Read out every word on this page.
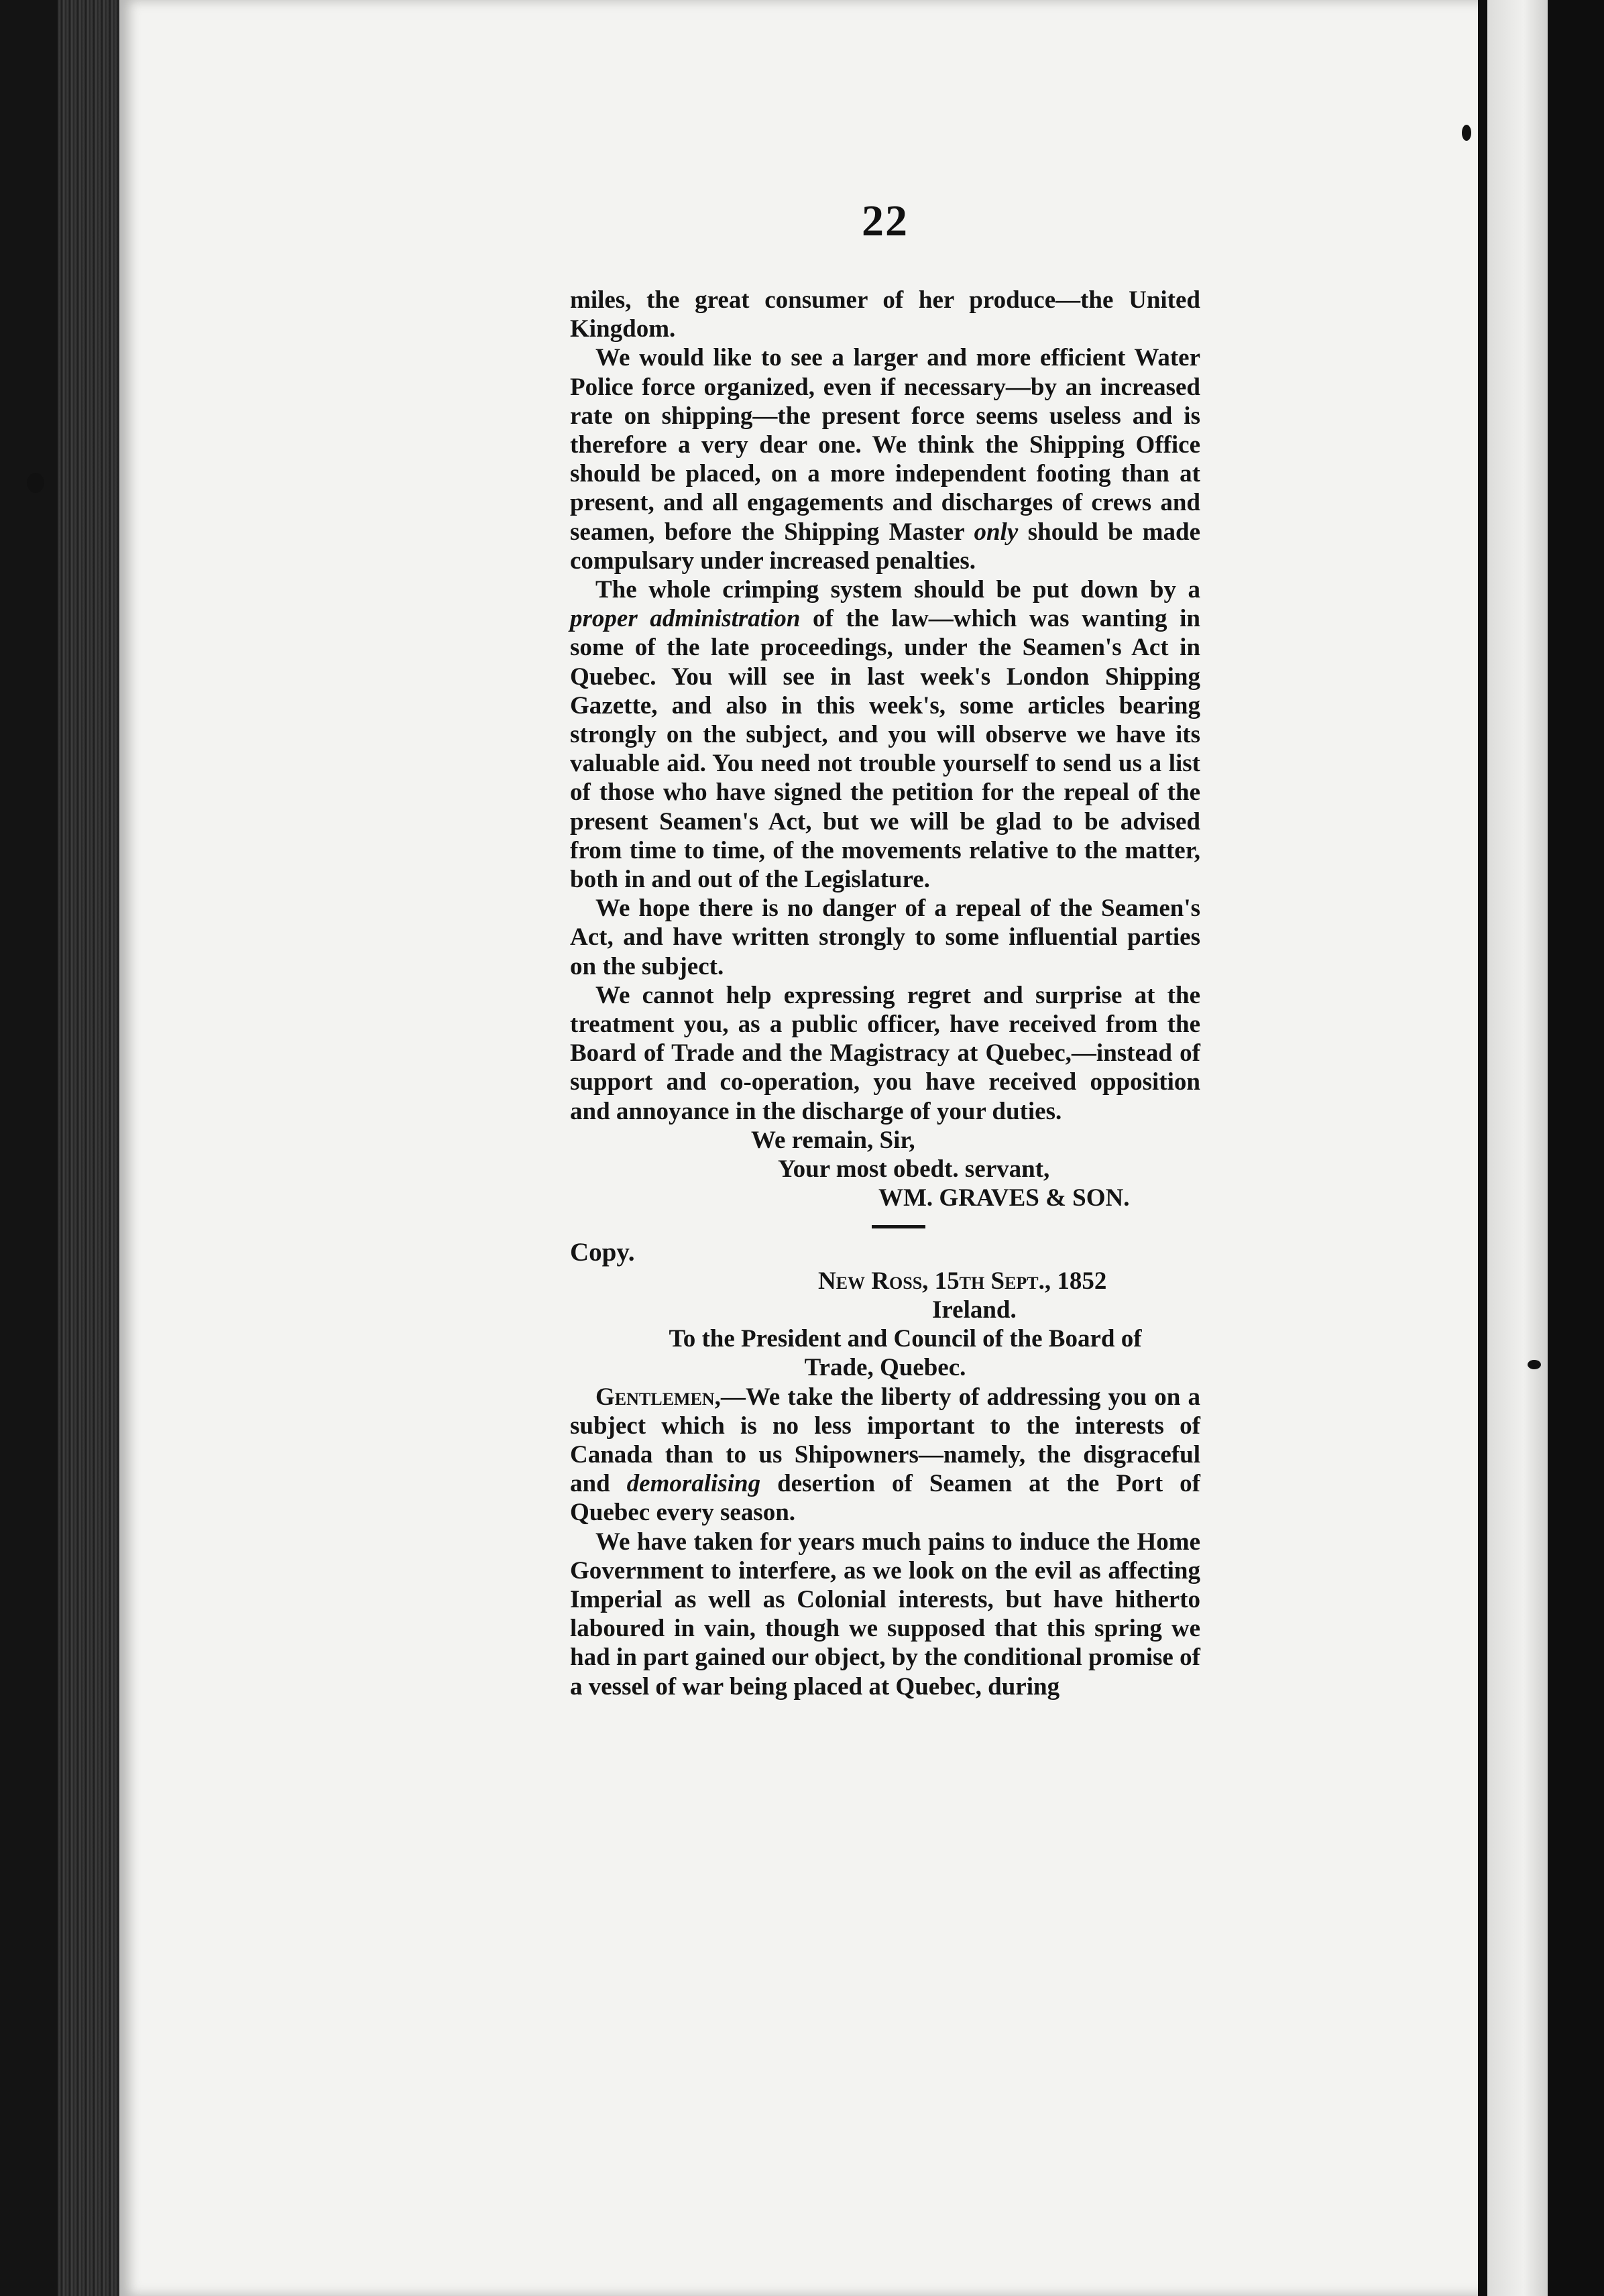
22

miles, the great consumer of her produce—the United Kingdom.

We would like to see a larger and more efficient Water Police force organized, even if necessary—by an increased rate on shipping—the present force seems useless and is therefore a very dear one. We think the Shipping Office should be placed, on a more independent footing than at present, and all engagements and discharges of crews and seamen, before the Shipping Master only should be made compulsary under increased penalties.

The whole crimping system should be put down by a proper administration of the law—which was wanting in some of the late proceedings, under the Seamen's Act in Quebec. You will see in last week's London Shipping Gazette, and also in this week's, some articles bearing strongly on the subject, and you will observe we have its valuable aid. You need not trouble yourself to send us a list of those who have signed the petition for the repeal of the present Seamen's Act, but we will be glad to be advised from time to time, of the movements relative to the matter, both in and out of the Legislature.

We hope there is no danger of a repeal of the Seamen's Act, and have written strongly to some influential parties on the subject.

We cannot help expressing regret and surprise at the treatment you, as a public officer, have received from the Board of Trade and the Magistracy at Quebec,—instead of support and co-operation, you have received opposition and annoyance in the discharge of your duties.

We remain, Sir,

Your most obedt. servant,

WM. GRAVES & SON.

Copy.

New Ross, 15th Sept., 1852

Ireland.

To the President and Council of the Board of

Trade, Quebec.

Gentlemen,—We take the liberty of addressing you on a subject which is no less important to the interests of Canada than to us Shipowners—namely, the disgraceful and demoralising desertion of Seamen at the Port of Quebec every season.

We have taken for years much pains to induce the Home Government to interfere, as we look on the evil as affecting Imperial as well as Colonial interests, but have hitherto laboured in vain, though we supposed that this spring we had in part gained our object, by the conditional promise of a vessel of war being placed at Quebec, during
